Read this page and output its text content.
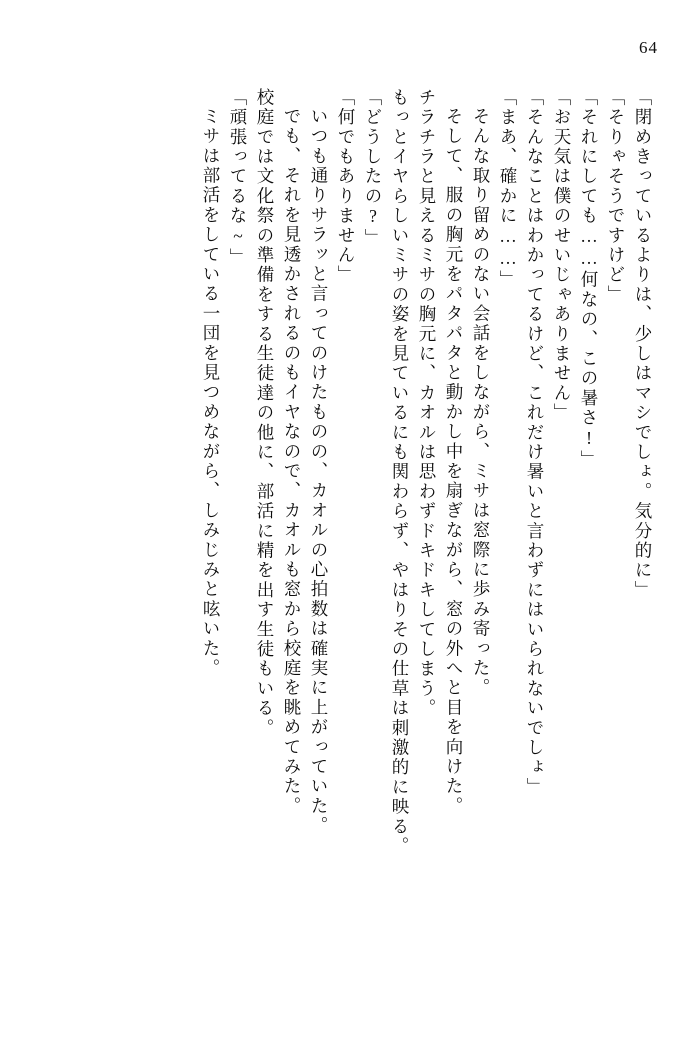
64
「閉めきっているよりは、少しはマシでしょ。気分的に」
「そりゃそうですけど」
「それにしても……何なの、この暑さ!」
「お天気は僕のせいじゃありません」
「そんなことはわかってるけど、これだけ暑いと言わずにはいられないでしょ」
「まあ、確かに……」
そんな取り留めのない会話をしながら、ミサは窓際に歩み寄った。
そして、服の胸元をパタパタと動かし中を扇ぎながら、窓の外へと目を向けた。
チラチラと見えるミサの胸元に、カオルは思わずドキドキしてしまう。
もっとイヤらしいミサの姿を見ているにも関わらず、やはりその仕草は刺激的に映る。
「どうしたの?」
「何でもありません」
いつも通りサラッと言ってのけたものの、カオルの心拍数は確実に上がっていた。
でも、それを見透かされるのもイヤなので、カオルも窓から校庭を眺めてみた。
校庭では文化祭の準備をする生徒達の他に、部活に精を出す生徒もいる。
「頑張ってるな~」
ミサは部活をしている一団を見つめながら、しみじみと呟いた。
